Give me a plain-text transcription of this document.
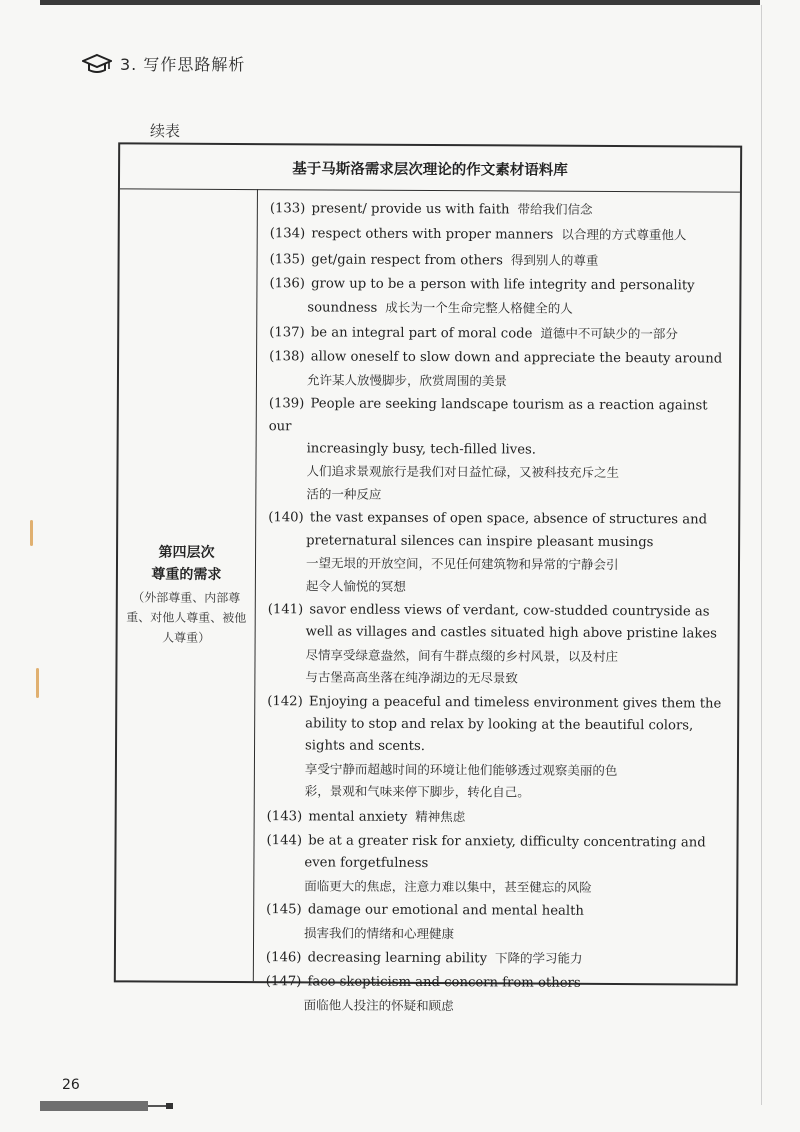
3. 写作思路解析
续表
基于马斯洛需求层次理论的作文素材语料库
第四层次
尊重的需求
（外部尊重、内部尊重、对他人尊重、被他人尊重）
(133) present/ provide us with faith 带给我们信念
(134) respect others with proper manners 以合理的方式尊重他人
(135) get/gain respect from others 得到别人的尊重
(136) grow up to be a person with life integrity and personality
soundness 成长为一个生命完整人格健全的人
(137) be an integral part of moral code 道德中不可缺少的一部分
(138) allow oneself to slow down and appreciate the beauty around
允许某人放慢脚步，欣赏周围的美景
(139) People are seeking landscape tourism as a reaction against our
increasingly busy, tech-filled lives.
人们追求景观旅行是我们对日益忙碌，又被科技充斥之生
活的一种反应
(140) the vast expanses of open space, absence of structures and
preternatural silences can inspire pleasant musings
一望无垠的开放空间，不见任何建筑物和异常的宁静会引
起令人愉悦的冥想
(141) savor endless views of verdant, cow-studded countryside as
well as villages and castles situated high above pristine lakes
尽情享受绿意盎然，间有牛群点缀的乡村风景，以及村庄
与古堡高高坐落在纯净湖边的无尽景致
(142) Enjoying a peaceful and timeless environment gives them the
ability to stop and relax by looking at the beautiful colors,
sights and scents.
享受宁静而超越时间的环境让他们能够透过观察美丽的色
彩，景观和气味来停下脚步，转化自己。
(143) mental anxiety 精神焦虑
(144) be at a greater risk for anxiety, difficulty concentrating and
even forgetfulness
面临更大的焦虑，注意力难以集中，甚至健忘的风险
(145) damage our emotional and mental health
损害我们的情绪和心理健康
(146) decreasing learning ability 下降的学习能力
(147) face skepticism and concern from others
面临他人投注的怀疑和顾虑
26
